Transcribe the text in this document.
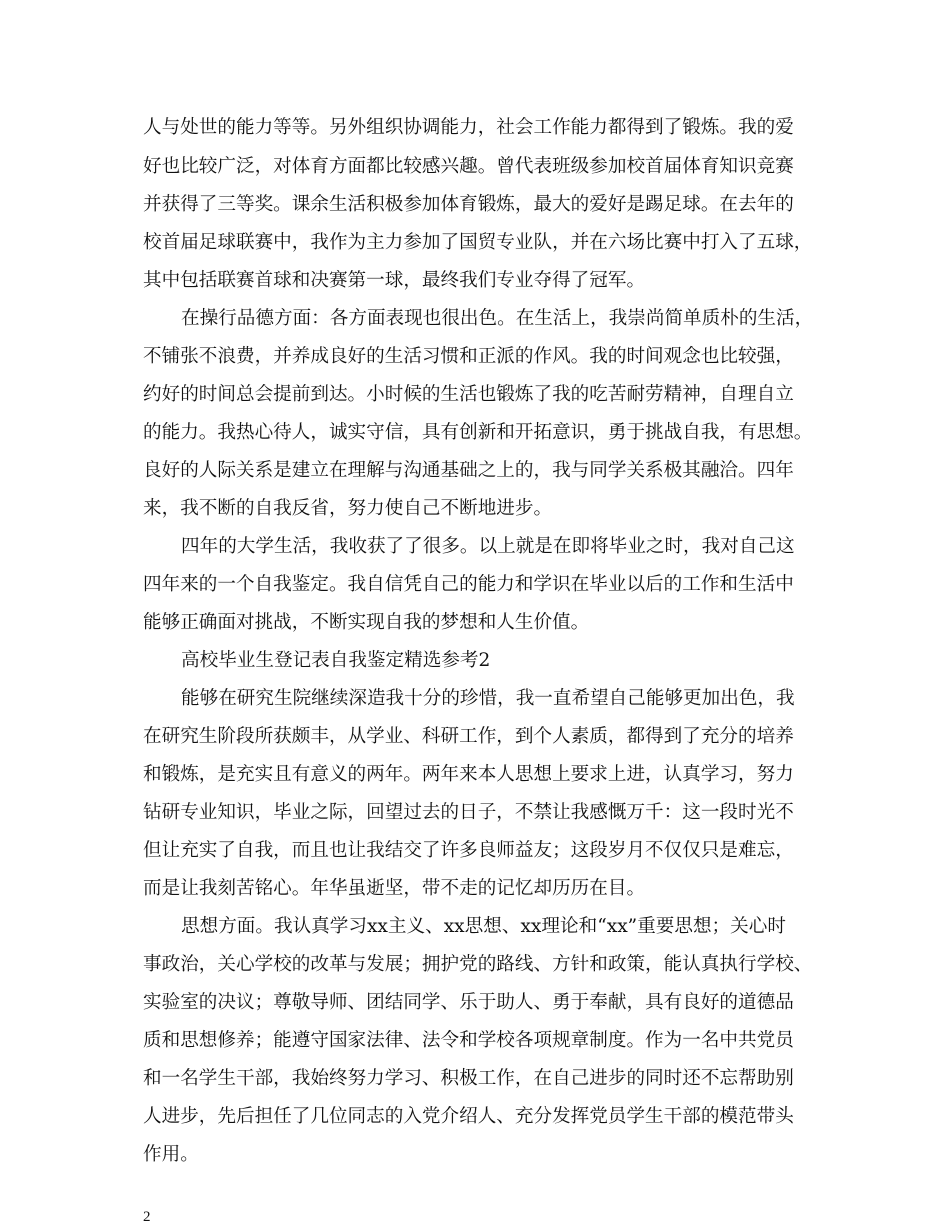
人与处世的能力等等。另外组织协调能力，社会工作能力都得到了锻炼。我的爱
好也比较广泛，对体育方面都比较感兴趣。曾代表班级参加校首届体育知识竞赛
并获得了三等奖。课余生活积极参加体育锻炼，最大的爱好是踢足球。在去年的
校首届足球联赛中，我作为主力参加了国贸专业队，并在六场比赛中打入了五球，
其中包括联赛首球和决赛第一球，最终我们专业夺得了冠军。
在操行品德方面：各方面表现也很出色。在生活上，我崇尚简单质朴的生活，
不铺张不浪费，并养成良好的生活习惯和正派的作风。我的时间观念也比较强，
约好的时间总会提前到达。小时候的生活也锻炼了我的吃苦耐劳精神，自理自立
的能力。我热心待人，诚实守信，具有创新和开拓意识，勇于挑战自我，有思想。
良好的人际关系是建立在理解与沟通基础之上的，我与同学关系极其融洽。四年
来，我不断的自我反省，努力使自己不断地进步。
四年的大学生活，我收获了了很多。以上就是在即将毕业之时，我对自己这
四年来的一个自我鉴定。我自信凭自己的能力和学识在毕业以后的工作和生活中
能够正确面对挑战，不断实现自我的梦想和人生价值。
高校毕业生登记表自我鉴定精选参考2
能够在研究生院继续深造我十分的珍惜，我一直希望自己能够更加出色，我
在研究生阶段所获颇丰，从学业、科研工作，到个人素质，都得到了充分的培养
和锻炼，是充实且有意义的两年。两年来本人思想上要求上进，认真学习，努力
钻研专业知识，毕业之际，回望过去的日子，不禁让我感慨万千：这一段时光不
但让充实了自我，而且也让我结交了许多良师益友；这段岁月不仅仅只是难忘，
而是让我刻苦铭心。年华虽逝坚，带不走的记忆却历历在目。
思想方面。我认真学习xx主义、xx思想、xx理论和“xx”重要思想；关心时
事政治，关心学校的改革与发展；拥护党的路线、方针和政策，能认真执行学校、
实验室的决议；尊敬导师、团结同学、乐于助人、勇于奉献，具有良好的道德品
质和思想修养；能遵守国家法律、法令和学校各项规章制度。作为一名中共党员
和一名学生干部，我始终努力学习、积极工作，在自己进步的同时还不忘帮助别
人进步，先后担任了几位同志的入党介绍人、充分发挥党员学生干部的模范带头
作用。
2
